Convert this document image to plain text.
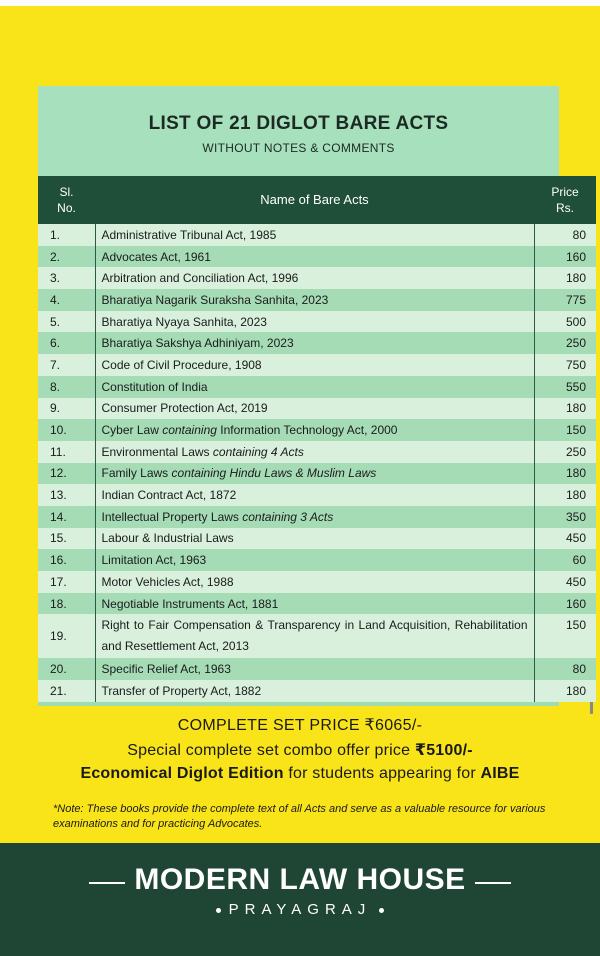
LIST OF 21 DIGLOT BARE ACTS
WITHOUT NOTES & COMMENTS
Sl. No.	Name of Bare Acts	Price Rs.
1.	Administrative Tribunal Act, 1985	80
2.	Advocates Act, 1961	160
3.	Arbitration and Conciliation Act, 1996	180
4.	Bharatiya Nagarik Suraksha Sanhita, 2023	775
5.	Bharatiya Nyaya Sanhita, 2023	500
6.	Bharatiya Sakshya Adhiniyam, 2023	250
7.	Code of Civil Procedure, 1908	750
8.	Constitution of India	550
9.	Consumer Protection Act, 2019	180
10.	Cyber Law containing Information Technology Act, 2000	150
11.	Environmental Laws containing 4 Acts	250
12.	Family Laws containing Hindu Laws & Muslim Laws	180
13.	Indian Contract Act, 1872	180
14.	Intellectual Property Laws containing 3 Acts	350
15.	Labour & Industrial Laws	450
16.	Limitation Act, 1963	60
17.	Motor Vehicles Act, 1988	450
18.	Negotiable Instruments Act, 1881	160
19.	Right to Fair Compensation & Transparency in Land Acquisition, Rehabilitation and Resettlement Act, 2013	150
20.	Specific Relief Act, 1963	80
21.	Transfer of Property Act, 1882	180
COMPLETE SET PRICE ₹6065/-
Special complete set combo offer price ₹5100/-
Economical Diglot Edition for students appearing for AIBE
*Note: These books provide the complete text of all Acts and serve as a valuable resource for various examinations and for practicing Advocates.
MODERN LAW HOUSE
PRAYAGRAJ
